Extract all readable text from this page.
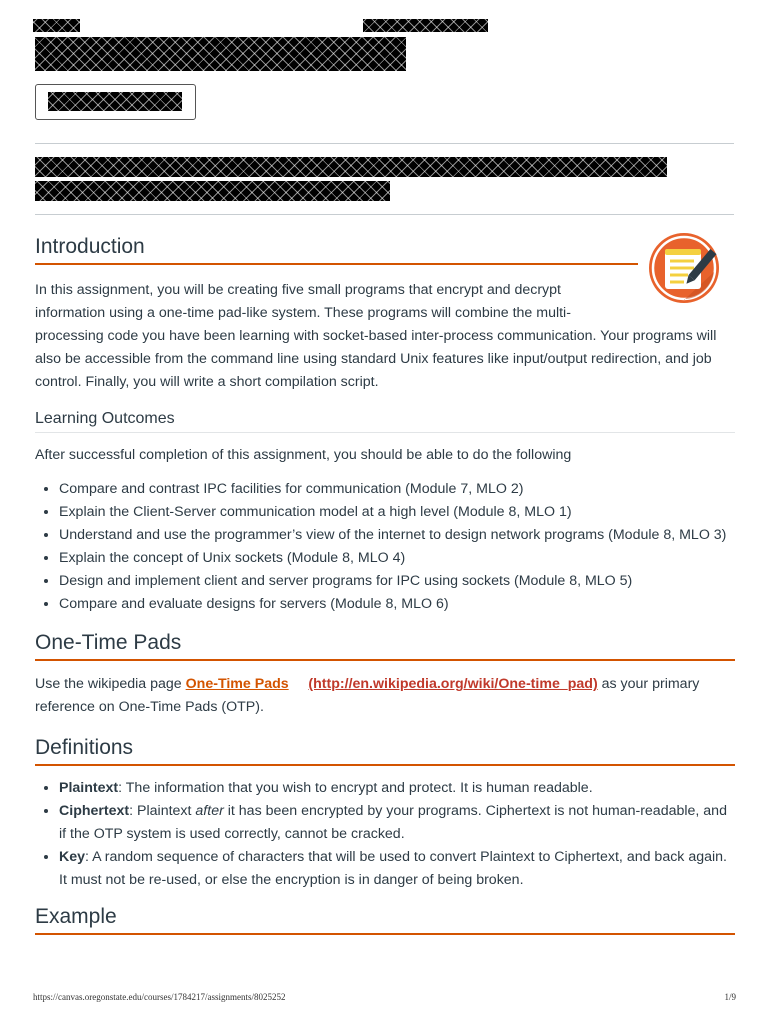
Introduction

In this assignment, you will be creating five small programs that encrypt and decrypt
information using a one-time pad-like system. These programs will combine the multi-
processing code you have been learning with socket-based inter-process communication. Your programs will also be accessible from the command line using standard Unix features like input/output redirection, and job control. Finally, you will write a short compilation script.

Learning Outcomes

After successful completion of this assignment, you should be able to do the following

• Compare and contrast IPC facilities for communication (Module 7, MLO 2)
• Explain the Client-Server communication model at a high level (Module 8, MLO 1)
• Understand and use the programmer’s view of the internet to design network programs (Module 8, MLO 3)
• Explain the concept of Unix sockets (Module 8, MLO 4)
• Design and implement client and server programs for IPC using sockets (Module 8, MLO 5)
• Compare and evaluate designs for servers (Module 8, MLO 6)
One-Time Pads

Use the wikipedia page One-Time Pads (http://en.wikipedia.org/wiki/One-time_pad) as your primary reference on One-Time Pads (OTP).

Definitions
• Plaintext: The information that you wish to encrypt and protect. It is human readable.
• Ciphertext: Plaintext after it has been encrypted by your programs. Ciphertext is not human-readable, and if the OTP system is used correctly, cannot be cracked.
• Key: A random sequence of characters that will be used to convert Plaintext to Ciphertext, and back again. It must not be re-used, or else the encryption is in danger of being broken.
Example
https://canvas.oregonstate.edu/courses/1784217/assignments/8025252	1/9
